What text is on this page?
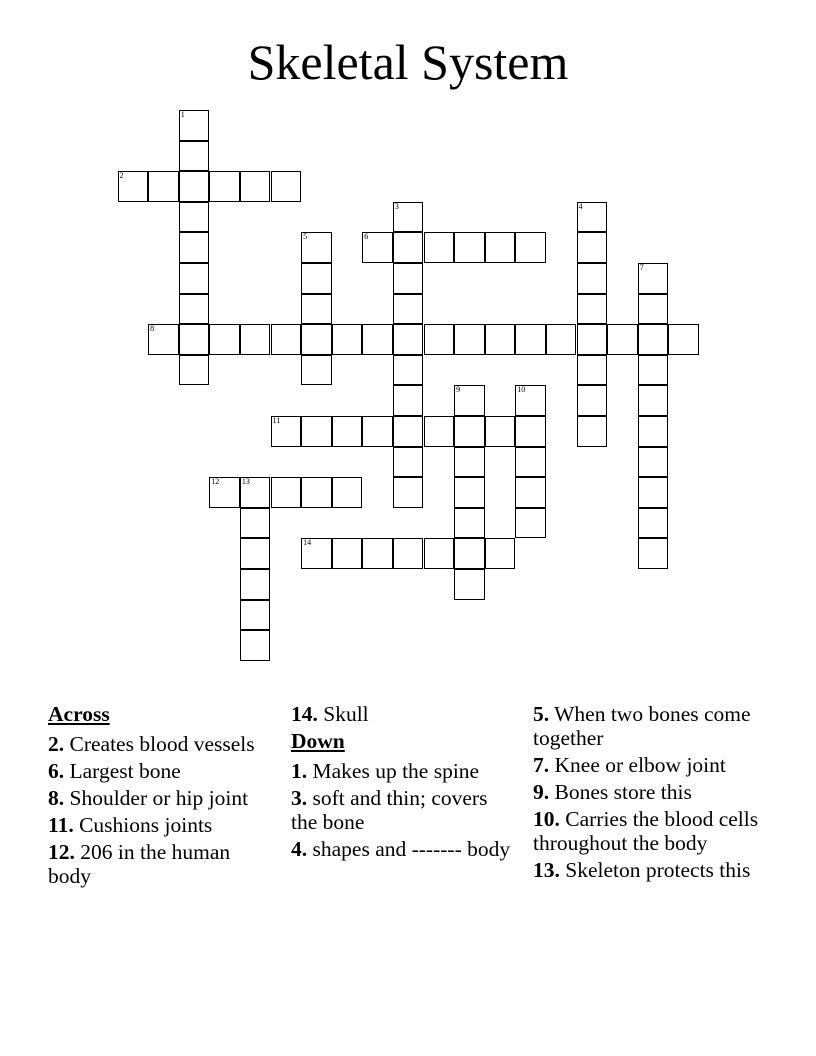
Skeletal System
1
2
3	4
5	6
7
8
9	10
11
12	13
14
Across
2. Creates blood vessels
6. Largest bone
8. Shoulder or hip joint
11. Cushions joints
12. 206 in the human body
14. Skull
Down
1. Makes up the spine
3. soft and thin; covers the bone
4. shapes and ------- body
5. When two bones come together
7. Knee or elbow joint
9. Bones store this
10. Carries the blood cells throughout the body
13. Skeleton protects this
